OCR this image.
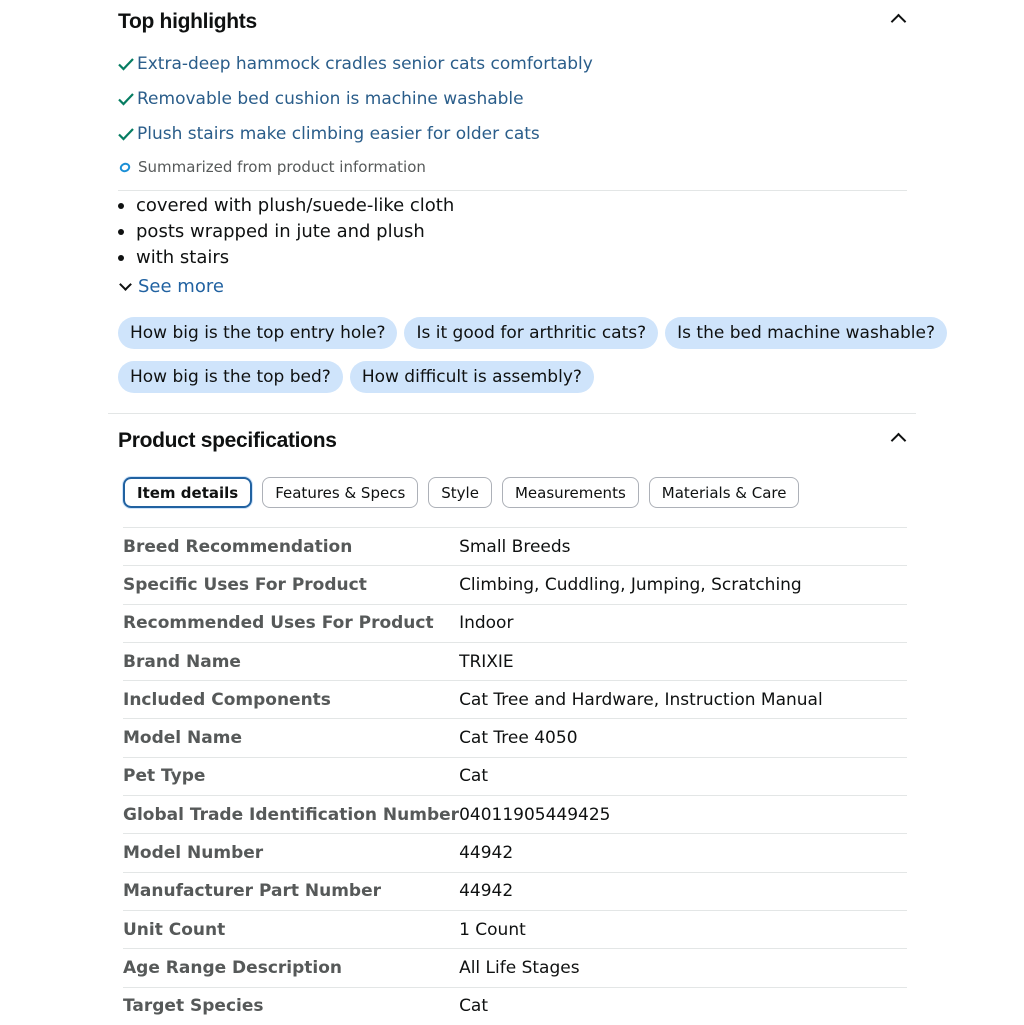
Top highlights
Extra-deep hammock cradles senior cats comfortably
Removable bed cushion is machine washable
Plush stairs make climbing easier for older cats
Summarized from product information
covered with plush/suede-like cloth
posts wrapped in jute and plush
with stairs
See more
How big is the top entry hole?	Is it good for arthritic cats?	Is the bed machine washable?
How big is the top bed?	How difficult is assembly?
Product specifications
Item details	Features & Specs	Style	Measurements	Materials & Care
Breed Recommendation	Small Breeds
Specific Uses For Product	Climbing, Cuddling, Jumping, Scratching
Recommended Uses For Product	Indoor
Brand Name	TRIXIE
Included Components	Cat Tree and Hardware, Instruction Manual
Model Name	Cat Tree 4050
Pet Type	Cat
Global Trade Identification Number	04011905449425
Model Number	44942
Manufacturer Part Number	44942
Unit Count	1 Count
Age Range Description	All Life Stages
Target Species	Cat
